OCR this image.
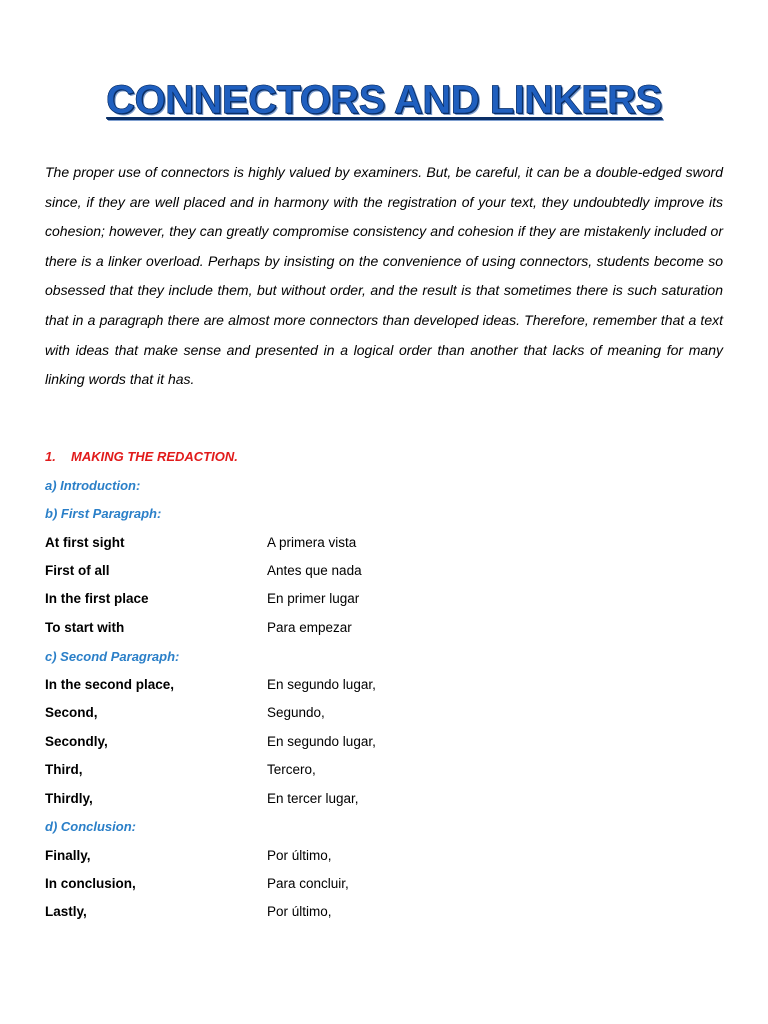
CONNECTORS AND LINKERS

The proper use of connectors is highly valued by examiners. But, be careful, it can be a double-edged sword since, if they are well placed and in harmony with the registration of your text, they undoubtedly improve its cohesion; however, they can greatly compromise consistency and cohesion if they are mistakenly included or there is a linker overload. Perhaps by insisting on the convenience of using connectors, students become so obsessed that they include them, but without order, and the result is that sometimes there is such saturation that in a paragraph there are almost more connectors than developed ideas. Therefore, remember that a text with ideas that make sense and presented in a logical order than another that lacks of meaning for many linking words that it has.

1. MAKING THE REDACTION.
a) Introduction:
b) First Paragraph:
At first sight	A primera vista
First of all	Antes que nada
In the first place	En primer lugar
To start with	Para empezar
c) Second Paragraph:
In the second place,	En segundo lugar,
Second,	Segundo,
Secondly,	En segundo lugar,
Third,	Tercero,
Thirdly,	En tercer lugar,
d) Conclusion:
Finally,	Por último,
In conclusion,	Para concluir,
Lastly,	Por último,
